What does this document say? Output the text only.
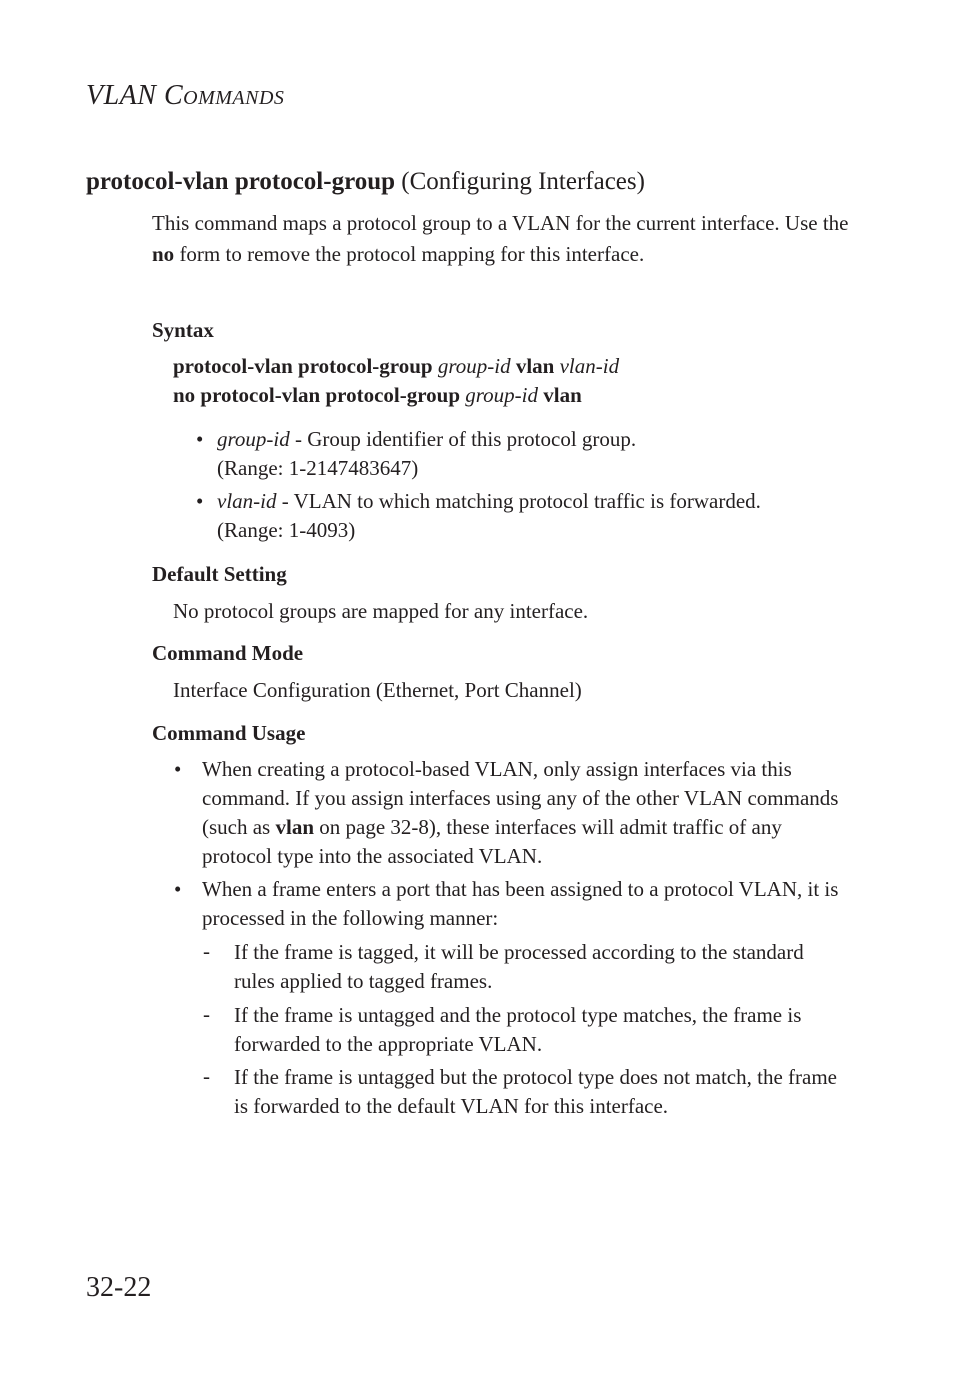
VLAN COMMANDS
protocol-vlan protocol-group (Configuring Interfaces)
This command maps a protocol group to a VLAN for the current interface. Use the no form to remove the protocol mapping for this interface.
Syntax
protocol-vlan protocol-group group-id vlan vlan-id
no protocol-vlan protocol-group group-id vlan
• group-id - Group identifier of this protocol group.
(Range: 1-2147483647)
• vlan-id - VLAN to which matching protocol traffic is forwarded.
(Range: 1-4093)
Default Setting
No protocol groups are mapped for any interface.
Command Mode
Interface Configuration (Ethernet, Port Channel)
Command Usage
• When creating a protocol-based VLAN, only assign interfaces via this command. If you assign interfaces using any of the other VLAN commands (such as vlan on page 32-8), these interfaces will admit traffic of any protocol type into the associated VLAN.
• When a frame enters a port that has been assigned to a protocol VLAN, it is processed in the following manner:
- If the frame is tagged, it will be processed according to the standard rules applied to tagged frames.
- If the frame is untagged and the protocol type matches, the frame is forwarded to the appropriate VLAN.
- If the frame is untagged but the protocol type does not match, the frame is forwarded to the default VLAN for this interface.
32-22
